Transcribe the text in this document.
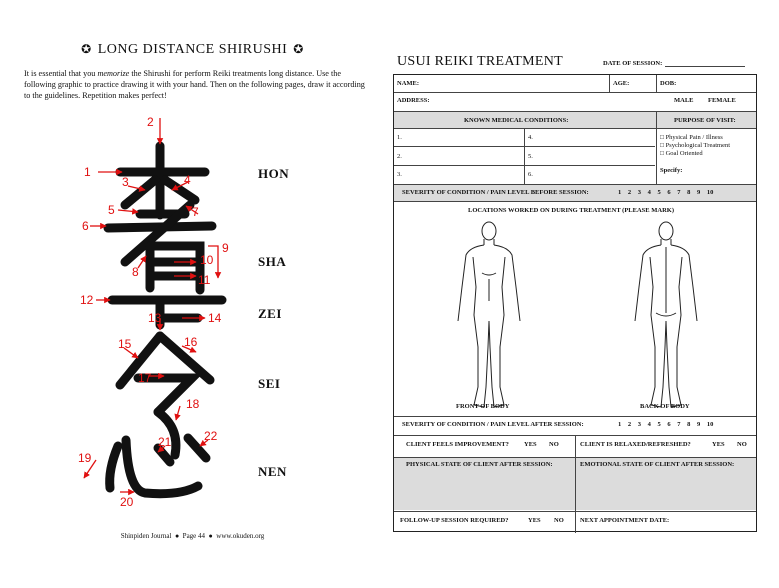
✪ LONG DISTANCE SHIRUSHI ✪
It is essential that you memorize the Shirushi for perform Reiki treatments long distance. Use the following graphic to practice drawing it with your hand. Then on the following pages, draw it according to the guidelines. Repetition makes perfect!
1
2
3	4
5
6
7
8
9
10
11
12
13	14
15	16
17
18
19
20
21	22
HON
SHA
ZEI
SEI
NEN
Shinpiden Journal  ●  Page 44  ●  www.okuden.org
USUI REIKI TREATMENT	DATE OF SESSION:
NAME:	AGE:	DOB:
ADDRESS:	MALE FEMALE
KNOWN MEDICAL CONDITIONS:	PURPOSE OF VISIT:
1.
2.
3.
4.
5.
6.
□ Physical Pain / Illness
□ Psychological Treatment
□ Goal Oriented
Specify:
SEVERITY OF CONDITION / PAIN LEVEL BEFORE SESSION:	1 2 3 4 5 6 7 8 9 10
LOCATIONS WORKED ON DURING TREATMENT (PLEASE MARK)
FRONT OF BODY	BACK OF BODY
SEVERITY OF CONDITION / PAIN LEVEL AFTER SESSION:	1 2 3 4 5 6 7 8 9 10
CLIENT FEELS IMPROVEMENT? YES NO	CLIENT IS RELAXED/REFRESHED?	YES NO
PHYSICAL STATE OF CLIENT AFTER SESSION:	EMOTIONAL STATE OF CLIENT AFTER SESSION:
FOLLOW-UP SESSION REQUIRED?	YES NO	NEXT APPOINTMENT DATE:
